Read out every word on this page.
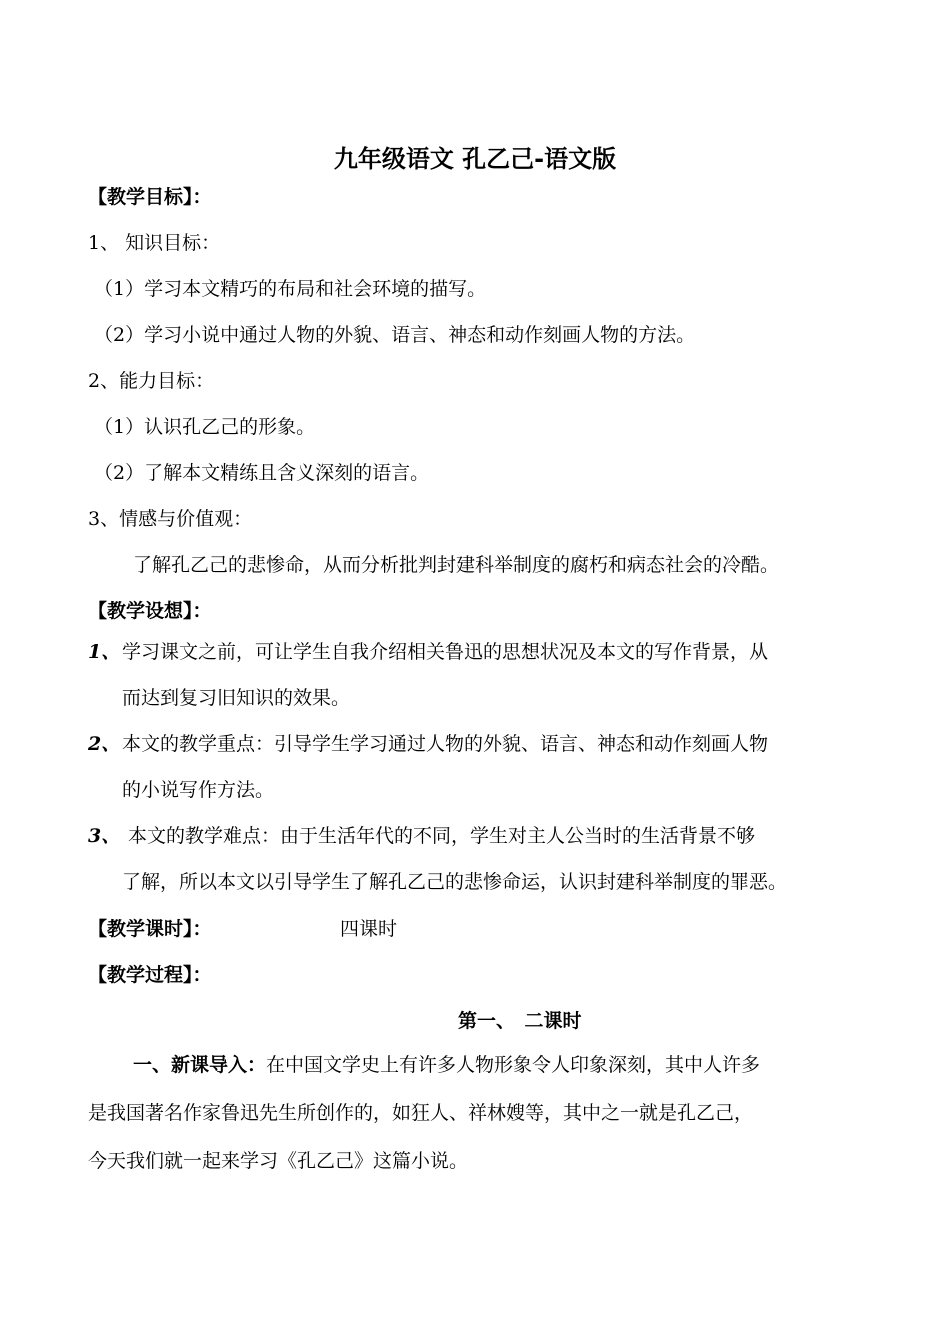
九年级语文 孔乙己-语文版
【教学目标】：
1、 知识目标：
（1）学习本文精巧的布局和社会环境的描写。
（2）学习小说中通过人物的外貌、语言、神态和动作刻画人物的方法。
2、能力目标：
（1）认识孔乙己的形象。
（2）了解本文精练且含义深刻的语言。
3、情感与价值观：
了解孔乙己的悲惨命，从而分析批判封建科举制度的腐朽和病态社会的冷酷。
【教学设想】：
1、学习课文之前，可让学生自我介绍相关鲁迅的思想状况及本文的写作背景，从
而达到复习旧知识的效果。
2、本文的教学重点：引导学生学习通过人物的外貌、语言、神态和动作刻画人物
的小说写作方法。
3、 本文的教学难点：由于生活年代的不同，学生对主人公当时的生活背景不够
了解，所以本文以引导学生了解孔乙己的悲惨命运，认识封建科举制度的罪恶。
【教学课时】：	四课时
【教学过程】：
第一、　二课时
一、新课导入：在中国文学史上有许多人物形象令人印象深刻，其中人许多
是我国著名作家鲁迅先生所创作的，如狂人、祥林嫂等，其中之一就是孔乙己，
今天我们就一起来学习《孔乙己》这篇小说。
